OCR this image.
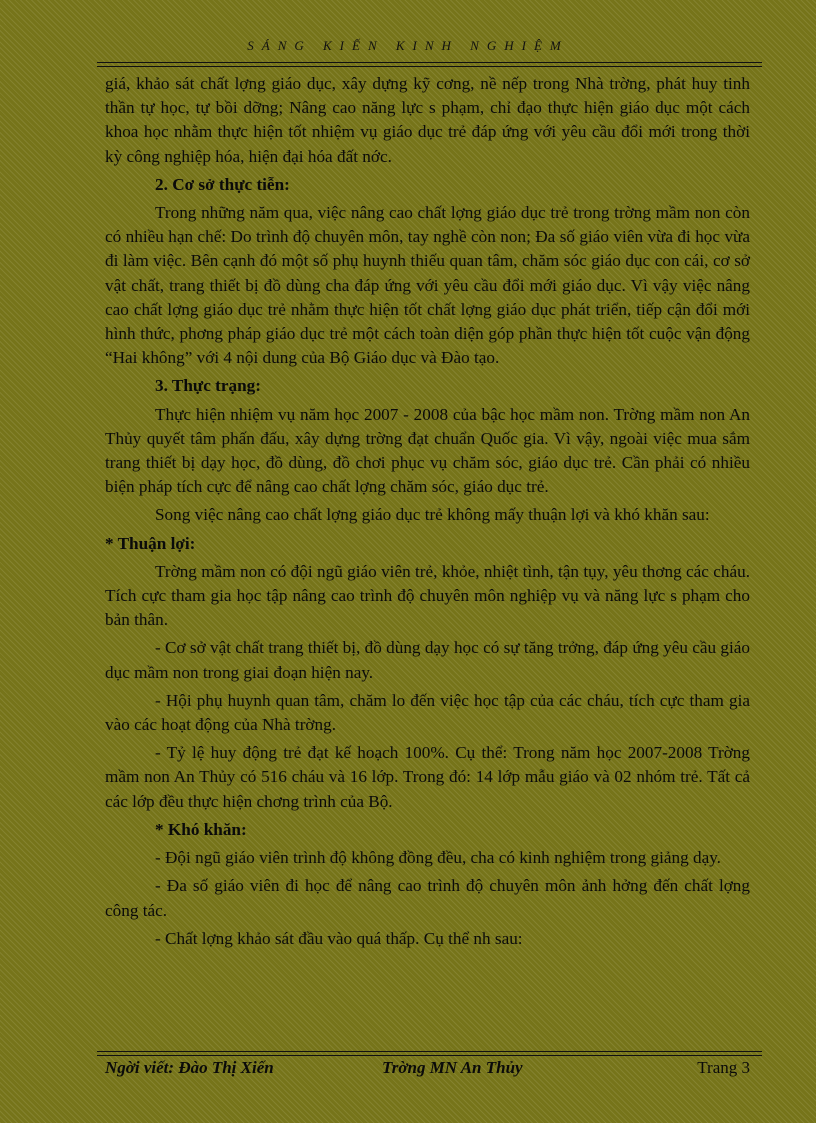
SÁNG KIẾN KINH NGHIỆM

giá, khảo sát chất lợng giáo dục, xây dựng kỹ cơng, nề nếp trong Nhà trờng, phát huy tinh thần tự học, tự bồi dỡng; Nâng cao năng lực s phạm, chỉ đạo thực hiện giáo dục một cách khoa học nhằm thực hiện tốt nhiệm vụ giáo dục trẻ đáp ứng với yêu cầu đổi mới trong thời kỳ công nghiệp hóa, hiện đại hóa đất nớc.

2. Cơ sở thực tiễn:

Trong những năm qua, việc nâng cao chất lợng giáo dục trẻ trong trờng mầm non còn có nhiều hạn chế: Do trình độ chuyên môn, tay nghề còn non; Đa số giáo viên vừa đi học vừa đi làm việc. Bên cạnh đó một số phụ huynh thiếu quan tâm, chăm sóc giáo dục con cái, cơ sở vật chất, trang thiết bị đồ dùng cha đáp ứng với yêu cầu đổi mới giáo dục. Vì vậy việc nâng cao chất lợng giáo dục trẻ nhằm thực hiện tốt chất lợng giáo dục phát triển, tiếp cận đổi mới hình thức, phơng pháp giáo dục trẻ một cách toàn diện góp phần thực hiện tốt cuộc vận động “Hai không” với 4 nội dung của Bộ Giáo dục và Đào tạo.

3. Thực trạng:

Thực hiện nhiệm vụ năm học 2007 - 2008 của bậc học mầm non. Trờng mầm non An Thủy quyết tâm phấn đấu, xây dựng trờng đạt chuẩn Quốc gia. Vì vậy, ngoài việc mua sắm trang thiết bị dạy học, đồ dùng, đồ chơi phục vụ chăm sóc, giáo dục trẻ. Cần phải có nhiều biện pháp tích cực để nâng cao chất lợng chăm sóc, giáo dục trẻ.

Song việc nâng cao chất lợng giáo dục trẻ không mấy thuận lợi và khó khăn sau:

* Thuận lợi:

Trờng mầm non có đội ngũ giáo viên trẻ, khỏe, nhiệt tình, tận tụy, yêu thơng các cháu. Tích cực tham gia học tập nâng cao trình độ chuyên môn nghiệp vụ và năng lực s phạm cho bản thân.

- Cơ sở vật chất trang thiết bị, đồ dùng dạy học có sự tăng trởng, đáp ứng yêu cầu giáo dục mầm non trong giai đoạn hiện nay.

- Hội phụ huynh quan tâm, chăm lo đến việc học tập của các cháu, tích cực tham gia vào các hoạt động của Nhà trờng.

- Tỷ lệ huy động trẻ đạt kế hoạch 100%. Cụ thể: Trong năm học 2007-2008 Trờng mầm non An Thủy có 516 cháu và 16 lớp. Trong đó: 14 lớp mẫu giáo và 02 nhóm trẻ. Tất cả các lớp đều thực hiện chơng trình của Bộ.

* Khó khăn:

- Đội ngũ giáo viên trình độ không đồng đều, cha có kinh nghiệm trong giảng dạy.

- Đa số giáo viên đi học để nâng cao trình độ chuyên môn ảnh hởng đến chất lợng công tác.

- Chất lợng khảo sát đầu vào quá thấp. Cụ thể nh sau:

Ngời viết: Đào Thị Xiến	Trờng MN An Thủy	Trang 3
